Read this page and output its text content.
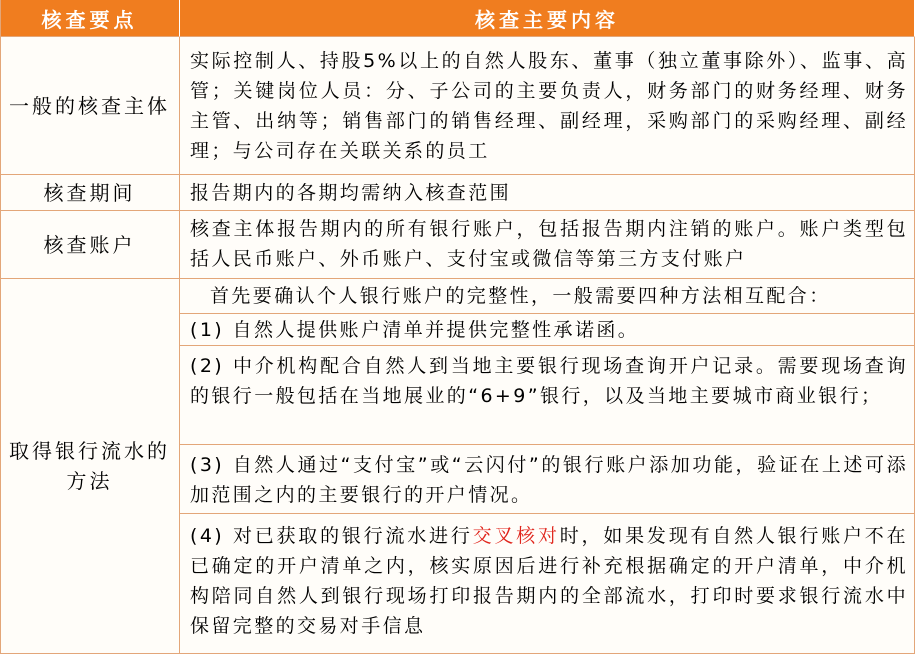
核查要点	核查主要内容
一般的核查主体
实际控制人、持股5%以上的自然人股东、董事（独立董事除外）、监事、高管；关键岗位人员：分、子公司的主要负责人，财务部门的财务经理、财务主管、出纳等；销售部门的销售经理、副经理，采购部门的采购经理、副经理；与公司存在关联关系的员工
核查期间	报告期内的各期均需纳入核查范围
核查账户
核查主体报告期内的所有银行账户，包括报告期内注销的账户。账户类型包括人民币账户、外币账户、支付宝或微信等第三方支付账户
取得银行流水的
方法
首先要确认个人银行账户的完整性，一般需要四种方法相互配合：
(1) 自然人提供账户清单并提供完整性承诺函。
(2) 中介机构配合自然人到当地主要银行现场查询开户记录。需要现场查询的银行一般包括在当地展业的“6+9”银行，以及当地主要城市商业银行；
(3) 自然人通过“支付宝”或“云闪付”的银行账户添加功能，验证在上述可添加范围之内的主要银行的开户情况。
(4) 对已获取的银行流水进行交叉核对时，如果发现有自然人银行账户不在已确定的开户清单之内，核实原因后进行补充根据确定的开户清单，中介机构陪同自然人到银行现场打印报告期内的全部流水，打印时要求银行流水中保留完整的交易对手信息
